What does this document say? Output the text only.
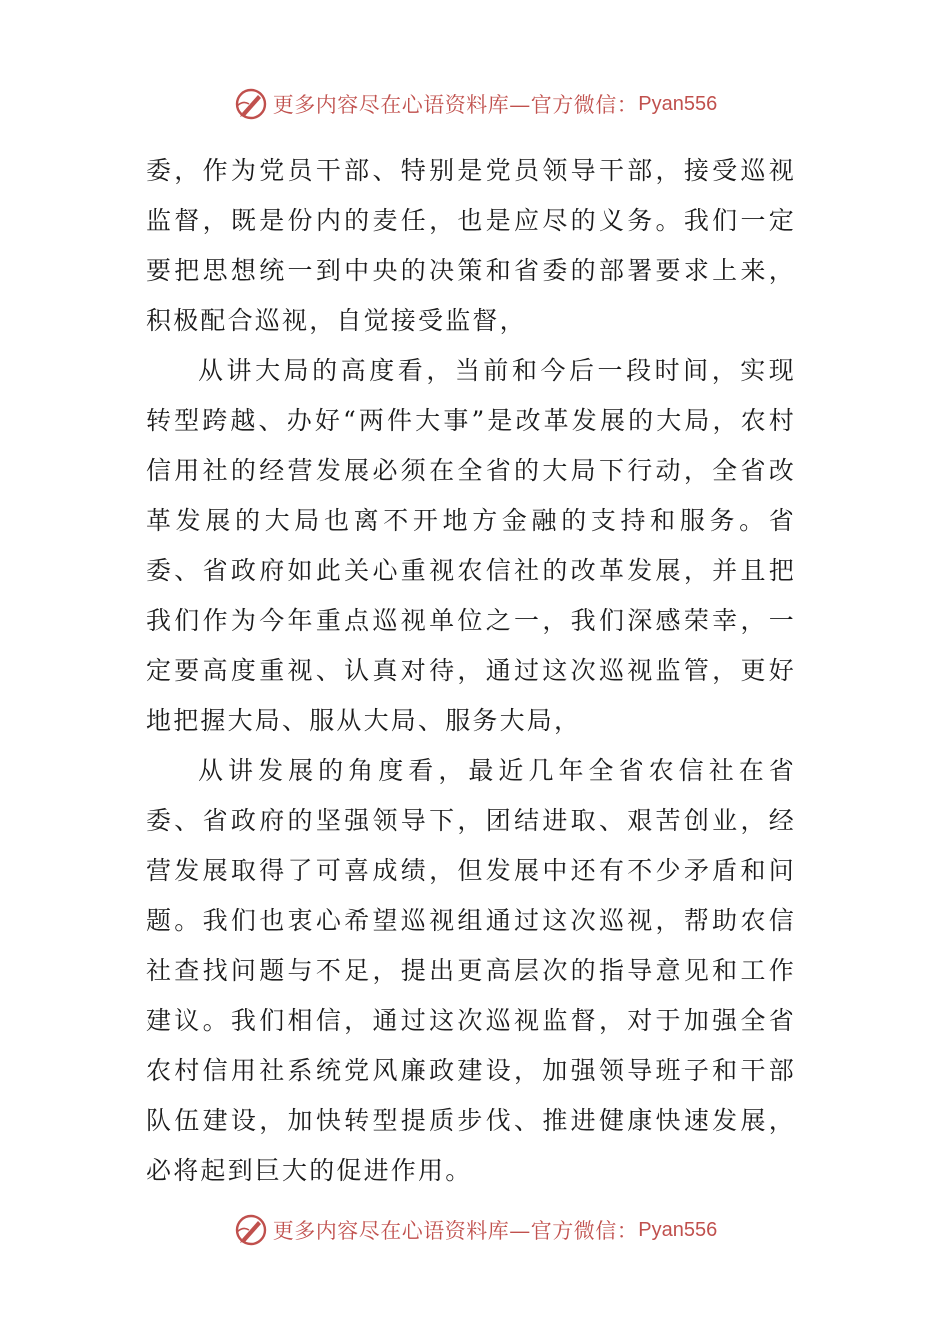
更多内容尽在心语资料库—官方微信： Pyan556

委，作为党员干部、特别是党员领导干部，接受巡视监督，既是份内的麦任，也是应尽的义务。我们一定要把思想统一到中央的决策和省委的部署要求上来，积极配合巡视，自觉接受监督，

从讲大局的高度看，当前和今后一段时间，实现转型跨越、办好“两件大事”是改革发展的大局，农村信用社的经营发展必须在全省的大局下行动，全省改革发展的大局也离不开地方金融的支持和服务。省委、省政府如此关心重视农信社的改革发展，并且把我们作为今年重点巡视单位之一，我们深感荣幸，一定要高度重视、认真对待，通过这次巡视监管，更好地把握大局、服从大局、服务大局，

从讲发展的角度看，最近几年全省农信社在省委、省政府的坚强领导下，团结进取、艰苦创业，经营发展取得了可喜成绩，但发展中还有不少矛盾和问题。我们也衷心希望巡视组通过这次巡视，帮助农信社查找问题与不足，提出更高层次的指导意见和工作建议。我们相信，通过这次巡视监督，对于加强全省农村信用社系统党风廉政建设，加强领导班子和干部队伍建设，加快转型提质步伐、推进健康快速发展，必将起到巨大的促进作用。

更多内容尽在心语资料库—官方微信： Pyan556
